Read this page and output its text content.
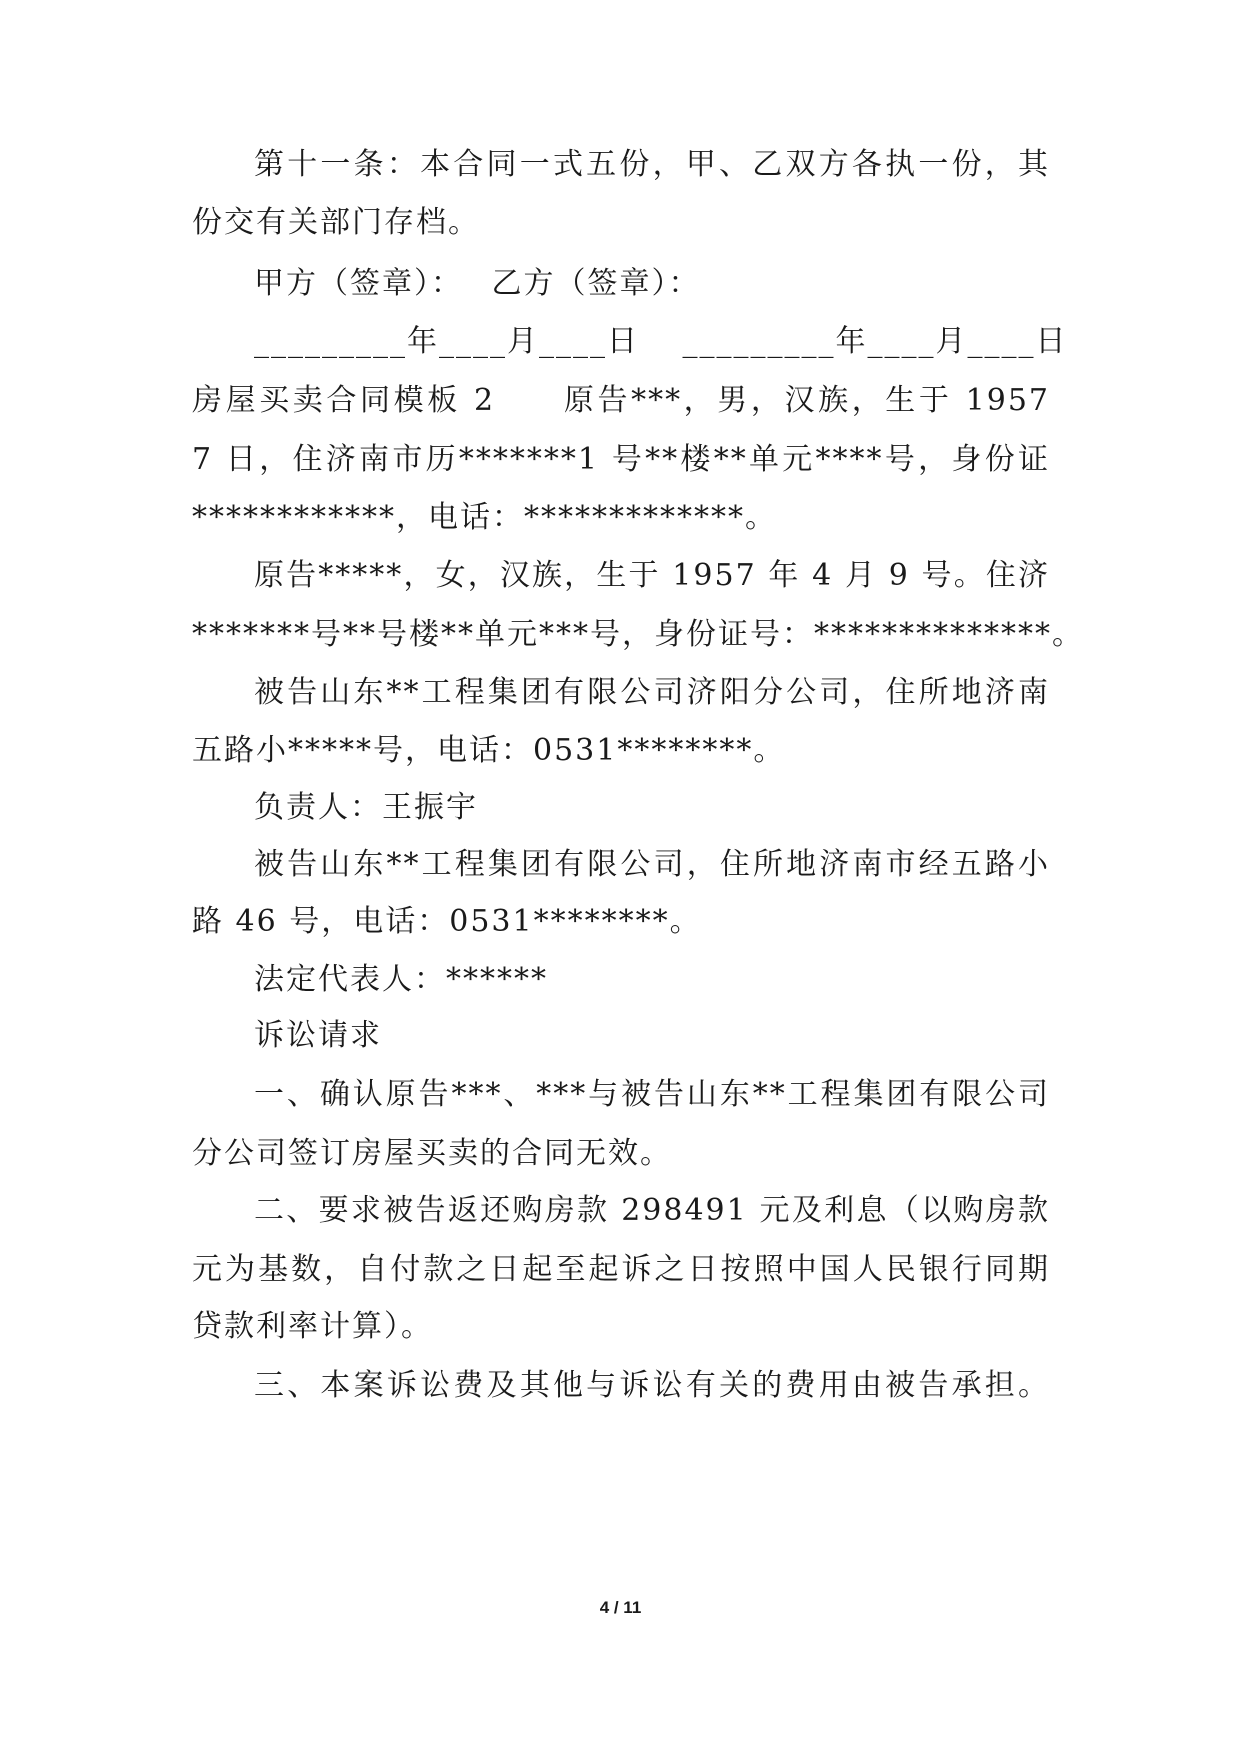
第十一条：本合同一式五份，甲、乙双方各执一份，其
份交有关部门存档。
甲方（签章）：　 乙方（签章）：
_________年____月____日　 _________年____月____日
房屋买卖合同模板 2　　原告***，男，汉族，生于 1957
7 日，住济南市历*******1 号**楼**单元****号，身份证
************，电话：*************。
原告*****，女，汉族，生于 1957 年 4 月 9 号。住济
*******号**号楼**单元***号，身份证号：**************。
被告山东**工程集团有限公司济阳分公司，住所地济南
五路小*****号，电话：0531********。
负责人：王振宇
被告山东**工程集团有限公司，住所地济南市经五路小
路 46 号，电话：0531********。
法定代表人：******
诉讼请求
一、确认原告***、***与被告山东**工程集团有限公司
分公司签订房屋买卖的合同无效。
二、要求被告返还购房款 298491 元及利息（以购房款
元为基数，自付款之日起至起诉之日按照中国人民银行同期
贷款利率计算）。
三、本案诉讼费及其他与诉讼有关的费用由被告承担。
4 / 11
